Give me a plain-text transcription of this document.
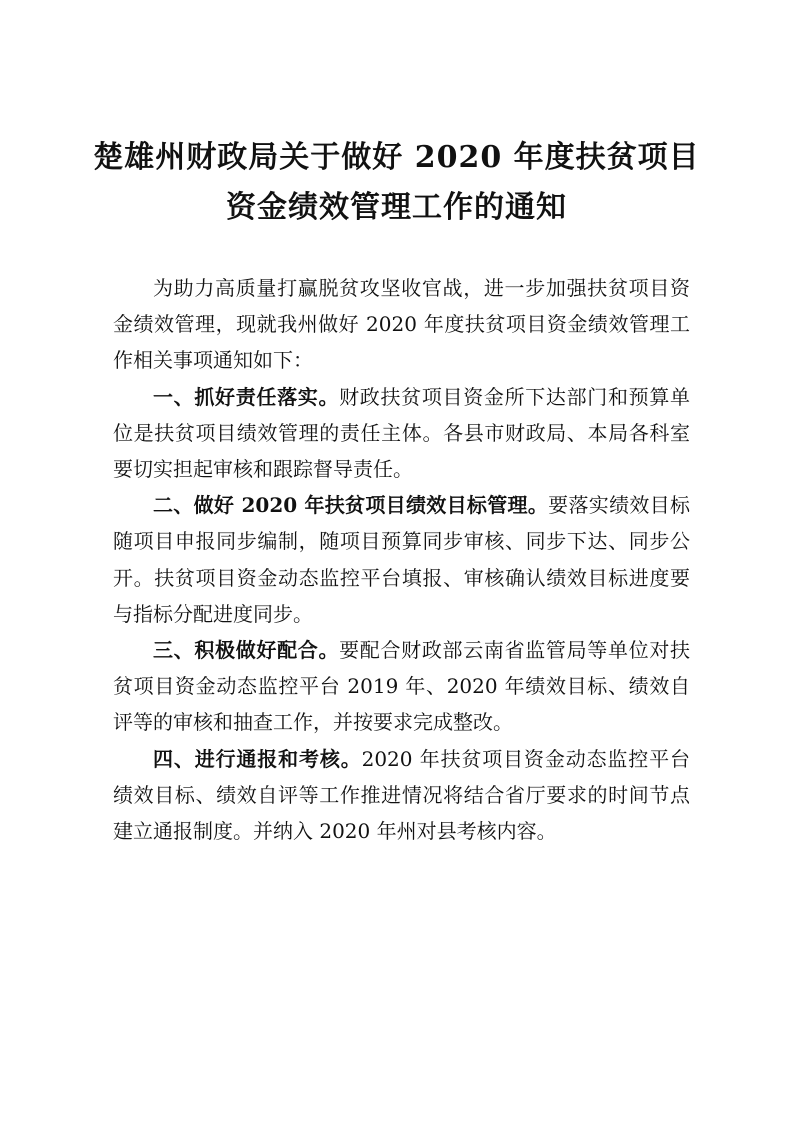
楚雄州财政局关于做好 2020 年度扶贫项目
资金绩效管理工作的通知

为助力高质量打赢脱贫攻坚收官战，进一步加强扶贫项目资金绩效管理，现就我州做好 2020 年度扶贫项目资金绩效管理工作相关事项通知如下：

一、抓好责任落实。财政扶贫项目资金所下达部门和预算单位是扶贫项目绩效管理的责任主体。各县市财政局、本局各科室要切实担起审核和跟踪督导责任。

二、做好 2020 年扶贫项目绩效目标管理。要落实绩效目标随项目申报同步编制，随项目预算同步审核、同步下达、同步公开。扶贫项目资金动态监控平台填报、审核确认绩效目标进度要与指标分配进度同步。

三、积极做好配合。要配合财政部云南省监管局等单位对扶贫项目资金动态监控平台 2019 年、2020 年绩效目标、绩效自评等的审核和抽查工作，并按要求完成整改。

四、进行通报和考核。2020 年扶贫项目资金动态监控平台绩效目标、绩效自评等工作推进情况将结合省厅要求的时间节点建立通报制度。并纳入 2020 年州对县考核内容。
